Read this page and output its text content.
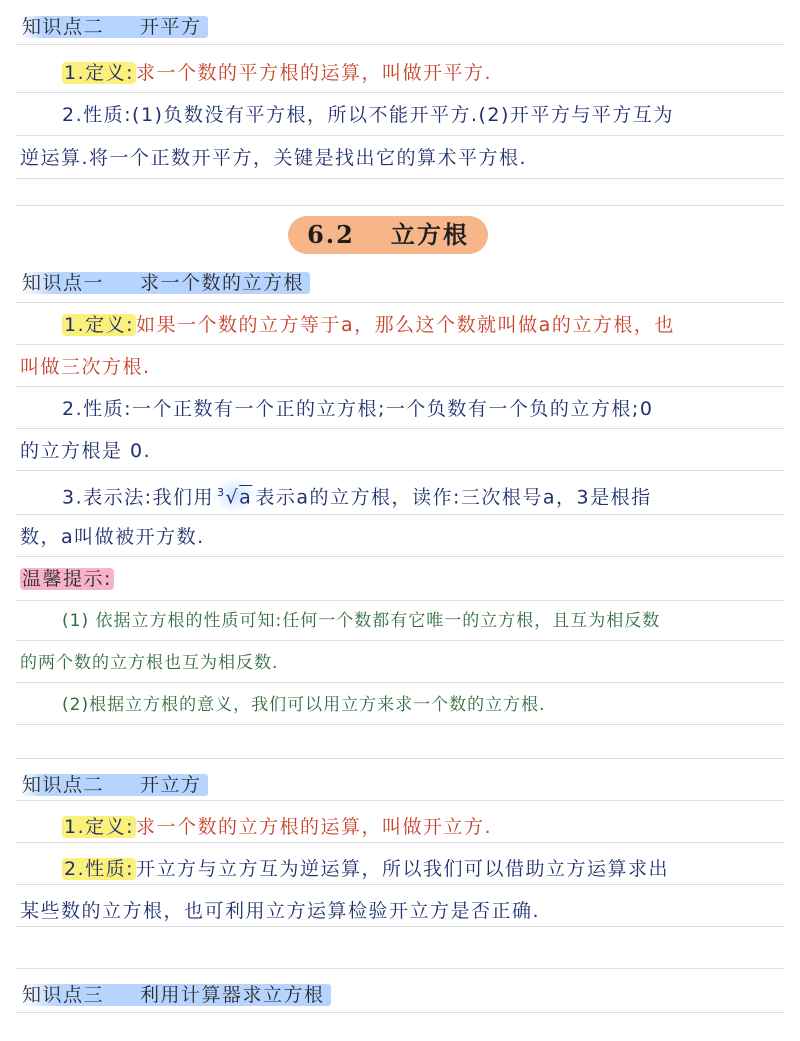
知识点二 开平方
1.定义: 求一个数的平方根的运算，叫做开平方.
2.性质:(1)负数没有平方根，所以不能开平方.(2)开平方与平方互为
逆运算.将一个正数开平方，关键是找出它的算术平方根.
6.2 立方根
知识点一 求一个数的立方根
1.定义: 如果一个数的立方等于a，那么这个数就叫做a的立方根，也
叫做三次方根.
2.性质:一个正数有一个正的立方根;一个负数有一个负的立方根;0
的立方根是 0.
3.表示法:我们用 $^3$√a 表示a的立方根，读作:三次根号a，3是根指
数，a叫做被开方数.
温馨提示:
(1) 依据立方根的性质可知:任何一个数都有它唯一的立方根，且互为相反数
的两个数的立方根也互为相反数.
(2)根据立方根的意义，我们可以用立方来求一个数的立方根.
知识点二 开立方
1.定义: 求一个数的立方根的运算，叫做开立方.
2.性质: 开立方与立方互为逆运算，所以我们可以借助立方运算求出
某些数的立方根，也可利用立方运算检验开立方是否正确.
知识点三 利用计算器求立方根
